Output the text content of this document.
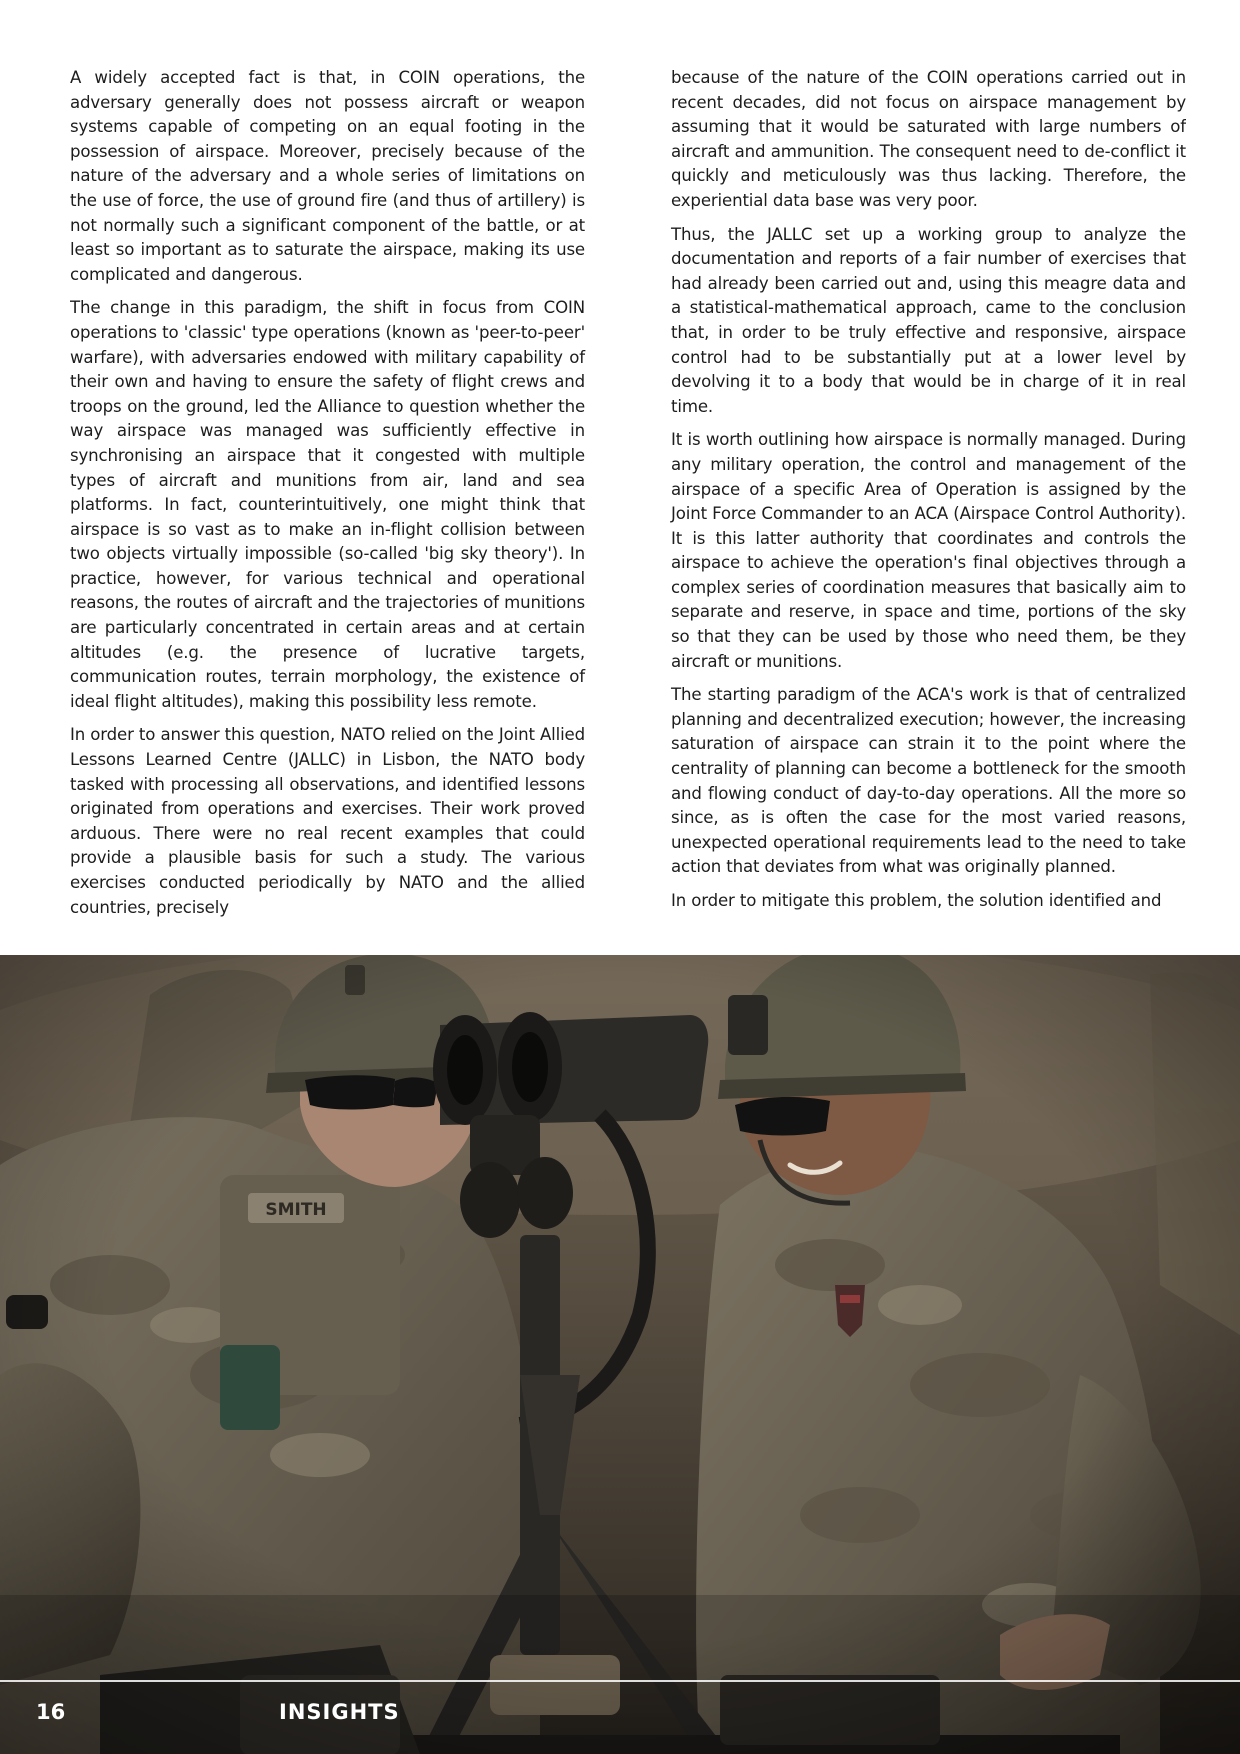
A widely accepted fact is that, in COIN operations, the adversary generally does not possess aircraft or weapon systems capable of competing on an equal footing in the possession of airspace. Moreover, precisely because of the nature of the adversary and a whole series of limitations on the use of force, the use of ground fire (and thus of artillery) is not normally such a significant component of the battle, or at least so important as to saturate the airspace, making its use complicated and dangerous.

The change in this paradigm, the shift in focus from COIN operations to 'classic' type operations (known as 'peer-to-peer' warfare), with adversaries endowed with military capability of their own and having to ensure the safety of flight crews and troops on the ground, led the Alliance to question whether the way airspace was managed was sufficiently effective in synchronising an airspace that it congested with multiple types of aircraft and munitions from air, land and sea platforms. In fact, counterintuitively, one might think that airspace is so vast as to make an in-flight collision between two objects virtually impossible (so-called 'big sky theory'). In practice, however, for various technical and operational reasons, the routes of aircraft and the trajectories of munitions are particularly concentrated in certain areas and at certain altitudes (e.g. the presence of lucrative targets, communication routes, terrain morphology, the existence of ideal flight altitudes), making this possibility less remote.

In order to answer this question, NATO relied on the Joint Allied Lessons Learned Centre (JALLC) in Lisbon, the NATO body tasked with processing all observations, and identified lessons originated from operations and exercises. Their work proved arduous. There were no real recent examples that could provide a plausible basis for such a study. The various exercises conducted periodically by NATO and the allied countries, precisely

because of the nature of the COIN operations carried out in recent decades, did not focus on airspace management by assuming that it would be saturated with large numbers of aircraft and ammunition. The consequent need to de-conflict it quickly and meticulously was thus lacking. Therefore, the experiential data base was very poor.

Thus, the JALLC set up a working group to analyze the documentation and reports of a fair number of exercises that had already been carried out and, using this meagre data and a statistical-mathematical approach, came to the conclusion that, in order to be truly effective and responsive, airspace control had to be substantially put at a lower level by devolving it to a body that would be in charge of it in real time.

It is worth outlining how airspace is normally managed. During any military operation, the control and management of the airspace of a specific Area of Operation is assigned by the Joint Force Commander to an ACA (Airspace Control Authority). It is this latter authority that coordinates and controls the airspace to achieve the operation's final objectives through a complex series of coordination measures that basically aim to separate and reserve, in space and time, portions of the sky so that they can be used by those who need them, be they aircraft or munitions.

The starting paradigm of the ACA's work is that of centralized planning and decentralized execution; however, the increasing saturation of airspace can strain it to the point where the centrality of planning can become a bottleneck for the smooth and flowing conduct of day-to-day operations. All the more so since, as is often the case for the most varied reasons, unexpected operational requirements lead to the need to take action that deviates from what was originally planned.

In order to mitigate this problem, the solution identified and

16	INSIGHTS
